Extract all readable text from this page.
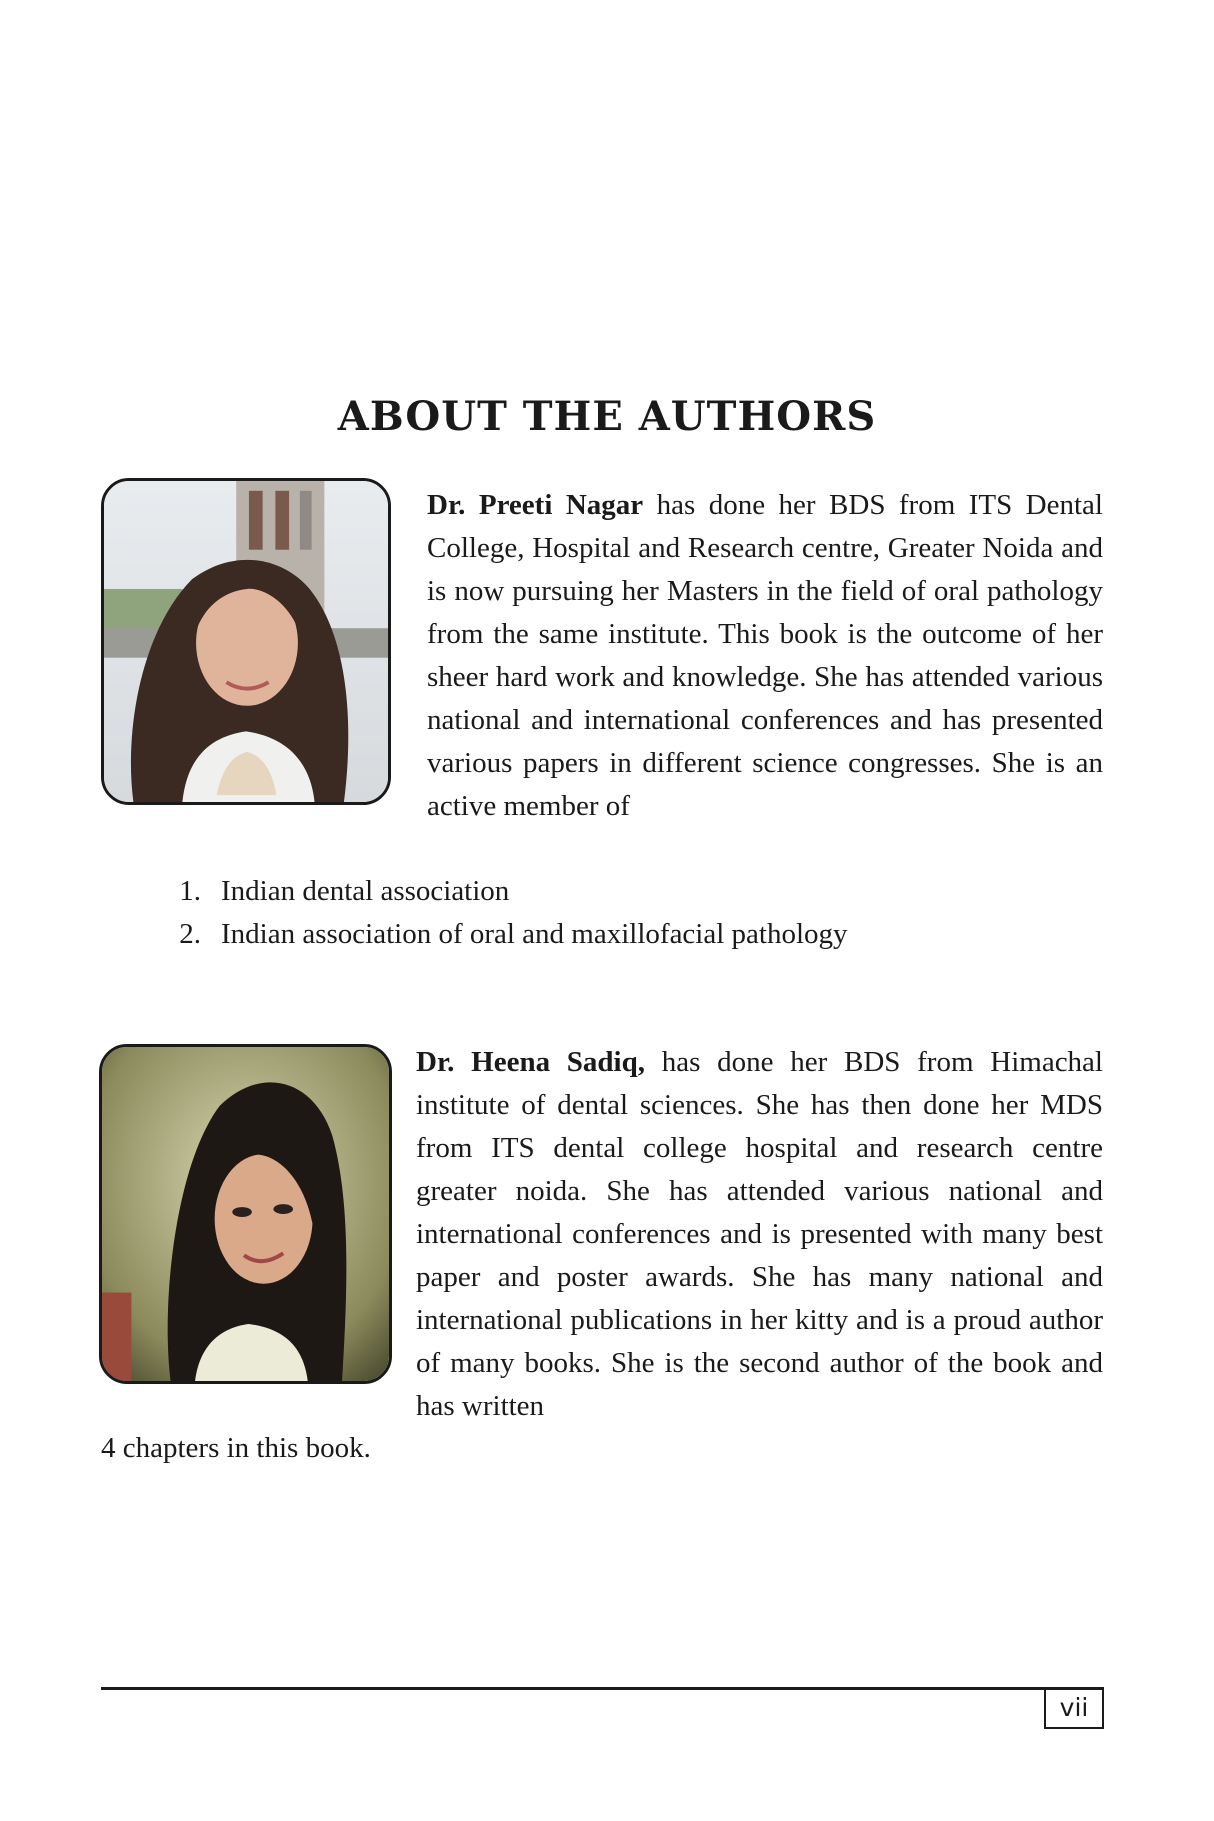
ABOUT THE AUTHORS

Dr. Preeti Nagar has done her BDS from ITS Dental College, Hospital and Research centre, Greater Noida and is now pursuing her Masters in the field of oral pathology from the same institute. This book is the outcome of her sheer hard work and knowledge. She has attended various national and international conferences and has presented various papers in different science congresses. She is an active member of

1. Indian dental association
2. Indian association of oral and maxillofacial pathology

Dr. Heena Sadiq, has done her BDS from Himachal institute of dental sciences. She has then done her MDS from ITS dental college hospital and research centre greater noida. She has attended various national and international conferences and is presented with many best paper and poster awards. She has many national and international publications in her kitty and is a proud author of many books. She is the second author of the book and has written

4 chapters in this book.

vii
